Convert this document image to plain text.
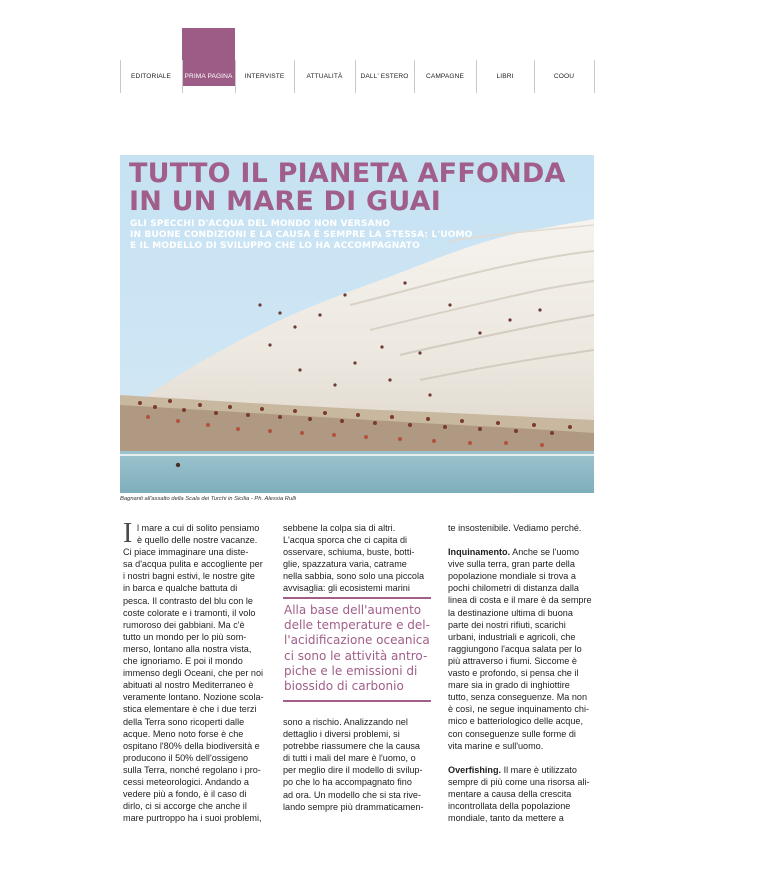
EDITORIALE	PRIMA PAGINA	INTERVISTE	ATTUALITÀ	DALL' ESTERO	CAMPAGNE	LIBRI	COOU
TUTTO IL PIANETA AFFONDA
IN UN MARE DI GUAI
GLI SPECCHI D'ACQUA DEL MONDO NON VERSANO
IN BUONE CONDIZIONI E LA CAUSA È SEMPRE LA STESSA: L'UOMO
E IL MODELLO DI SVILUPPO CHE LO HA ACCOMPAGNATO
Bagnanti all'assalto della Scala dei Turchi in Sicilia - Ph. Alessia Rulli
I l mare a cui di solito pensiamo
è quello delle nostre vacanze.
Ci piace immaginare una diste-
sa d'acqua pulita e accogliente per
i nostri bagni estivi, le nostre gite
in barca e qualche battuta di
pesca. Il contrasto del blu con le
coste colorate e i tramonti, il volo
rumoroso dei gabbiani. Ma c'è
tutto un mondo per lo più som-
merso, lontano alla nostra vista,
che ignoriamo. E poi il mondo
immenso degli Oceani, che per noi
abituati al nostro Mediterraneo è
veramente lontano. Nozione scola-
stica elementare è che i due terzi
della Terra sono ricoperti dalle
acque. Meno noto forse è che
ospitano l'80% della biodiversità e
producono il 50% dell'ossigeno
sulla Terra, nonché regolano i pro-
cessi meteorologici. Andando a
vedere più a fondo, è il caso di
dirlo, ci si accorge che anche il
mare purtroppo ha i suoi problemi,
sebbene la colpa sia di altri.
L'acqua sporca che ci capita di
osservare, schiuma, buste, botti-
glie, spazzatura varia, catrame
nella sabbia, sono solo una piccola
avvisaglia: gli ecosistemi marini
Alla base dell'aumento
delle temperature e del-
l'acidificazione oceanica
ci sono le attività antro-
piche e le emissioni di
biossido di carbonio
sono a rischio. Analizzando nel
dettaglio i diversi problemi, si
potrebbe riassumere che la causa
di tutti i mali del mare è l'uomo, o
per meglio dire il modello di svilup-
po che lo ha accompagnato fino
ad ora. Un modello che si sta rive-
lando sempre più drammaticamen-

te insostenibile. Vediamo perché.

Inquinamento. Anche se l'uomo

vive sulla terra, gran parte della
popolazione mondiale si trova a
pochi chilometri di distanza dalla
linea di costa e il mare è da sempre
la destinazione ultima di buona
parte dei nostri rifiuti, scarichi
urbani, industriali e agricoli, che
raggiungono l'acqua salata per lo
più attraverso i fiumi. Siccome è
vasto e profondo, si pensa che il
mare sia in grado di inghiottire
tutto, senza conseguenze. Ma non
è così, ne segue inquinamento chi-
mico e batteriologico delle acque,
con conseguenze sulle forme di
vita marine e sull'uomo.

Overfishing. Il mare è utilizzato

sempre di più come una risorsa ali-
mentare a causa della crescita
incontrollata della popolazione
mondiale, tanto da mettere a
